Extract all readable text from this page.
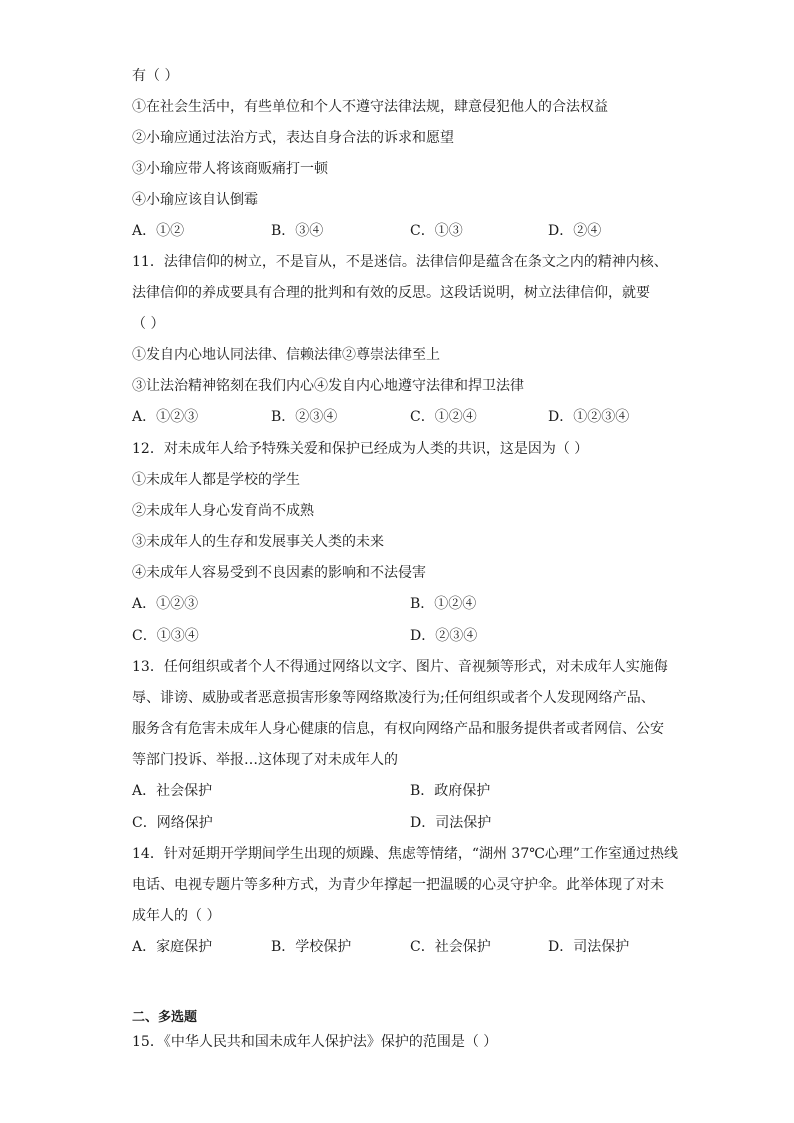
有（ ）
①在社会生活中，有些单位和个人不遵守法律法规，肆意侵犯他人的合法权益
②小瑜应通过法治方式，表达自身合法的诉求和愿望
③小瑜应带人将该商贩痛打一顿
④小瑜应该自认倒霉
A．①②	B．③④	C．①③	D．②④
11．法律信仰的树立，不是盲从，不是迷信。法律信仰是蕴含在条文之内的精神内核、
法律信仰的养成要具有合理的批判和有效的反思。这段话说明，树立法律信仰，就要
（ ）
①发自内心地认同法律、信赖法律②尊崇法律至上
③让法治精神铭刻在我们内心④发自内心地遵守法律和捍卫法律
A．①②③	B．②③④	C．①②④	D．①②③④
12．对未成年人给予特殊关爱和保护已经成为人类的共识，这是因为（ ）
①未成年人都是学校的学生
②未成年人身心发育尚不成熟
③未成年人的生存和发展事关人类的未来
④未成年人容易受到不良因素的影响和不法侵害
A．①②③	B．①②④
C．①③④	D．②③④
13．任何组织或者个人不得通过网络以文字、图片、音视频等形式，对未成年人实施侮
辱、诽谤、威胁或者恶意损害形象等网络欺凌行为;任何组织或者个人发现网络产品、
服务含有危害未成年人身心健康的信息，有权向网络产品和服务提供者或者网信、公安
等部门投诉、举报…这体现了对未成年人的
A．社会保护	B．政府保护
C．网络保护	D．司法保护
14．针对延期开学期间学生出现的烦躁、焦虑等情绪，“湖州 37℃心理”工作室通过热线
电话、电视专题片等多种方式，为青少年撑起一把温暖的心灵守护伞。此举体现了对未
成年人的（ ）
A．家庭保护	B．学校保护	C．社会保护	D．司法保护
二、多选题
15．《中华人民共和国未成年人保护法》保护的范围是（ ）
